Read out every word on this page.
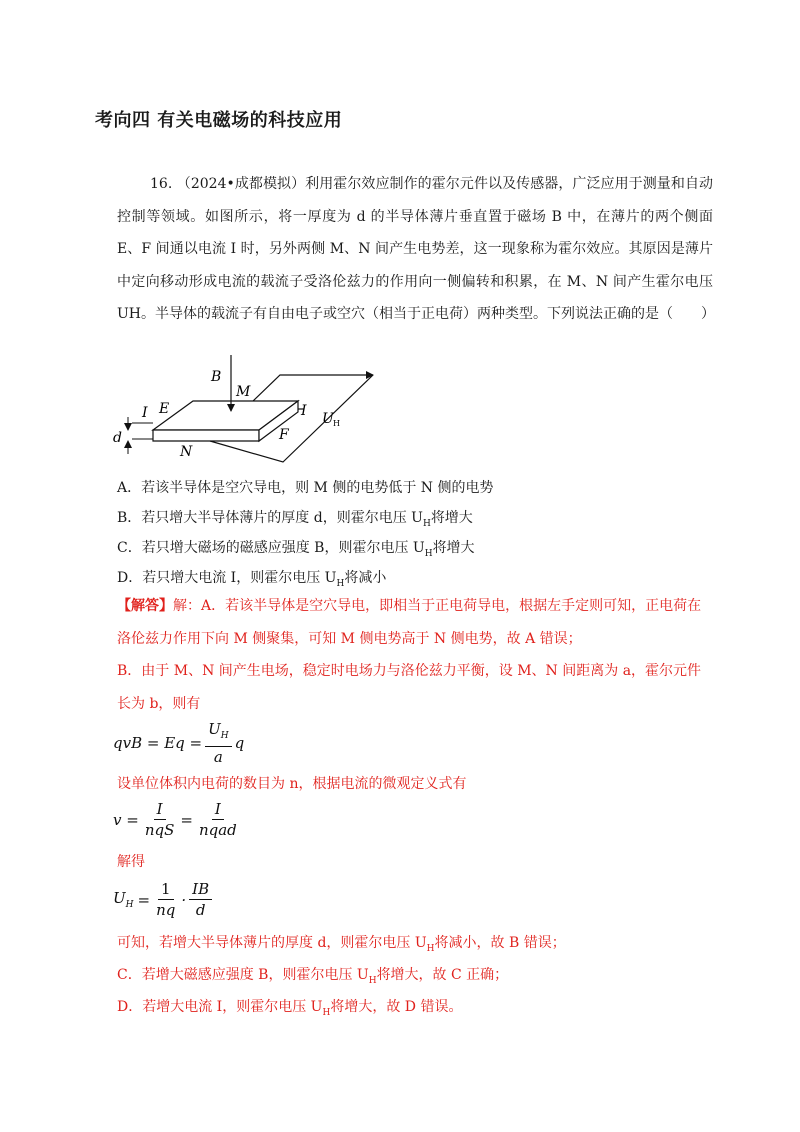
考向四 有关电磁场的科技应用

16. （2024•成都模拟）利用霍尔效应制作的霍尔元件以及传感器，广泛应用于测量和自动控制等领域。如图所示，将一厚度为 d 的半导体薄片垂直置于磁场 B 中，在薄片的两个侧面 E、F 间通以电流 I 时，另外两侧 M、N 间产生电势差，这一现象称为霍尔效应。其原因是薄片中定向移动形成电流的载流子受洛伦兹力的作用向一侧偏转和积累，在 M、N 间产生霍尔电压 UH。半导体的载流子有自由电子或空穴（相当于正电荷）两种类型。下列说法正确的是（　　）

B
M
E
I	I U H
F
d
N

A．若该半导体是空穴导电，则 M 侧的电势低于 N 侧的电势

B．若只增大半导体薄片的厚度 d，则霍尔电压 $U_H$将增大

C．若只增大磁场的磁感应强度 B，则霍尔电压 $U_H$将增大

D．若只增大电流 I，则霍尔电压 $U_H$将减小

【解答】解：A．若该半导体是空穴导电，即相当于正电荷导电，根据左手定则可知，正电荷在洛伦兹力作用下向 M 侧聚集，可知 M 侧电势高于 N 侧电势，故 A 错误；

B．由于 M、N 间产生电场，稳定时电场力与洛伦兹力平衡，设 M、N 间距离为 a，霍尔元件长为 b，则有

qvB = $Eq = \frac{U_H}{a}$ q

设单位体积内电荷的数目为 n，根据电流的微观定义式有

$v = \frac{I}{\text{nqS}} = \frac{I}{\text{nqad}}$

解得

$U_H = \frac{1}{nq} \cdot \frac{IB}{d}$

可知，若增大半导体薄片的厚度 d，则霍尔电压 $U_H$将减小，故 B 错误；

C．若增大磁感应强度 B，则霍尔电压 $U_H$将增大，故 C 正确；

D．若增大电流 I，则霍尔电压 $U_H$将增大，故 D 错误。
